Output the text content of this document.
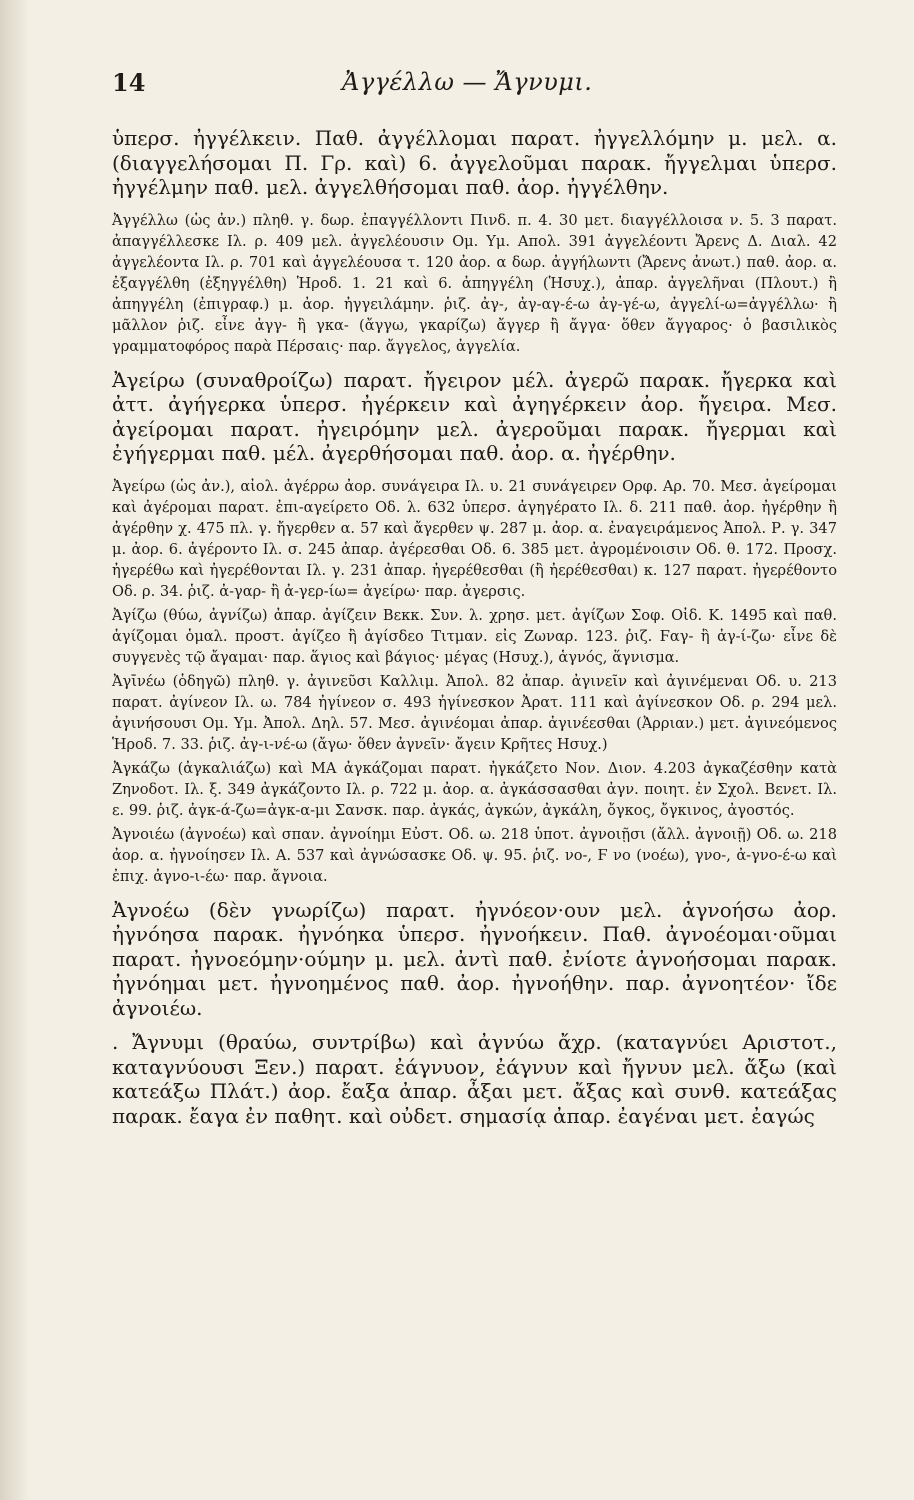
14	Ἀγγέλλω — Ἄγνυμι.

ὑπερσ. ἠγγέλκειν. Παθ. ἀγγέλλομαι παρατ. ἠγγελλόμην μ. μελ. α. (διαγγελήσομαι Π. Γρ. καὶ) 6. ἀγγελοῦμαι παρακ. ἤγγελμαι ὑπερσ. ἠγγέλμην παθ. μελ. ἀγγελθήσομαι παθ. ἀορ. ἠγγέλθην.

Ἀγγέλλω (ὡς ἀν.) πληθ. γ. δωρ. ἐπαγγέλλοντι Πινδ. π. 4. 30 μετ. διαγγέλλοισα ν. 5. 3 παρατ. ἀπαγγέλλεσκε Ιλ. ρ. 409 μελ. ἀγγελέουσιν Ομ. Υμ. Απολ. 391 ἀγγελέοντι Ἄρενς Δ. Διαλ. 42 ἀγγελέοντα Ιλ. ρ. 701 καὶ ἀγγελέουσα τ. 120 ἀορ. α δωρ. ἀγγήλωντι (Ἄρενς ἀνωτ.) παθ. ἀορ. α. ἐξαγγέλθη (ἐξηγγέλθη) Ἡροδ. 1. 21 καὶ 6. ἀπηγγέλη (Ἡσυχ.), ἀπαρ. ἀγγελῆναι (Πλουτ.) ἢ ἀπηγγέλη (ἐπιγραφ.) μ. ἀορ. ἠγγειλάμην. ῥιζ. ἀγ-, ἀγ-αγ-έ-ω ἀγ-γέ-ω, ἀγγελί-ω=ἀγγέλλω· ἢ μᾶλλον ῥιζ. εἶνε ἀγγ- ἢ γκα- (ἄγγω, γκαρίζω) ἄγγερ ἢ ἄγγα· ὅθεν ἄγγαρος· ὁ βασιλικὸς γραμματοφόρος παρὰ Πέρσαις· παρ. ἄγγελος, ἀγγελία.

Ἀγείρω (συναθροίζω) παρατ. ἤγειρον μέλ. ἀγερῶ παρακ. ἤγερκα καὶ ἀττ. ἀγήγερκα ὑπερσ. ἠγέρκειν καὶ ἀγηγέρκειν ἀορ. ἤγειρα. Μεσ. ἀγείρομαι παρατ. ἠγειρόμην μελ. ἀγεροῦμαι παρακ. ἤγερμαι καὶ ἐγήγερμαι παθ. μέλ. ἀγερθήσομαι παθ. ἀορ. α. ἠγέρθην.

Ἀγείρω (ὡς ἀν.), αἰολ. ἀγέρρω ἀορ. συνάγειρα Ιλ. υ. 21 συνάγειρεν Ορφ. Αρ. 70. Μεσ. ἀγείρομαι καὶ ἀγέρομαι παρατ. ἐπι-αγείρετο Οδ. λ. 632 ὑπερσ. ἀγηγέρατο Ιλ. δ. 211 παθ. ἀορ. ἠγέρθην ἢ ἀγέρθην χ. 475 πλ. γ. ἤγερθεν α. 57 καὶ ἄγερθεν ψ. 287 μ. ἀορ. α. ἐναγειράμενος Ἀπολ. Ρ. γ. 347 μ. ἀορ. 6. ἀγέροντο Ιλ. σ. 245 ἀπαρ. ἀγέρεσθαι Οδ. 6. 385 μετ. ἀγρομένοισιν Οδ. θ. 172. Προσχ. ἠγερέθω καὶ ἠγερέθονται Ιλ. γ. 231 ἀπαρ. ἠγερέθεσθαι (ἢ ἠερέθεσθαι) κ. 127 παρατ. ἠγερέθοντο Οδ. ρ. 34. ῥιζ. ἀ-γαρ- ἢ ἀ-γερ-ίω= ἀγείρω· παρ. ἀγερσις.

Ἀγίζω (θύω, ἀγνίζω) ἀπαρ. ἀγίζειν Βεκκ. Συν. λ. χρησ. μετ. ἀγίζων Σοφ. Οἰδ. Κ. 1495 καὶ παθ. ἁγίζομαι ὁμαλ. προστ. ἁγίζεο ἢ ἁγίσδεο Τιτμαν. εἰς Ζωναρ. 123. ῥιζ. Ϝαγ- ἢ ἀγ-ί-ζω· εἶνε δὲ συγγενὲς τῷ ἄγαμαι· παρ. ἅγιος καὶ βάγιος· μέγας (Ησυχ.), ἁγνός, ἅγνισμα.

Ἀγῑνέω (ὁδηγῶ) πληθ. γ. ἀγινεῦσι Καλλιμ. Ἀπολ. 82 ἀπαρ. ἀγινεῖν καὶ ἀγινέμεναι Οδ. υ. 213 παρατ. ἀγίνεον Ιλ. ω. 784 ἠγίνεον σ. 493 ἠγίνεσκον Ἀρατ. 111 καὶ ἀγίνεσκον Οδ. ρ. 294 μελ. ἀγινήσουσι Ομ. Υμ. Ἀπολ. Δηλ. 57. Μεσ. ἀγινέομαι ἀπαρ. ἀγινέεσθαι (Ἀρριαν.) μετ. ἀγινεόμενος Ἡροδ. 7. 33. ῥιζ. ἀγ-ι-νέ-ω (ἄγω· ὅθεν ἀγνεῖν· ἄγειν Κρῆτες Ησυχ.)

Ἀγκάζω (ἀγκαλιάζω) καὶ ΜΑ ἀγκάζομαι παρατ. ἠγκάζετο Νον. Διον. 4.203 ἀγκαζέσθην κατὰ Ζηνοδοτ. Ιλ. ξ. 349 ἀγκάζοντο Ιλ. ρ. 722 μ. ἀορ. α. ἀγκάσσασθαι ἀγν. ποιητ. ἐν Σχολ. Βενετ. Ιλ. ε. 99. ῥιζ. ἀγκ-ά-ζω=ἀγκ-α-μι Σανσκ. παρ. ἀγκάς, ἀγκών, ἀγκάλη, ὄγκος, ὄγκινος, ἀγοστός.

Ἀγνοιέω (ἀγνοέω) καὶ σπαν. ἀγνοίημι Εὐστ. Οδ. ω. 218 ὑποτ. ἀγνοιῇσι (ἄλλ. ἀγνοιῇ) Οδ. ω. 218 ἀορ. α. ἠγνοίησεν Ιλ. Α. 537 καὶ ἀγνώσασκε Οδ. ψ. 95. ῥιζ. νο-, Ϝ νο (νοέω), γνο-, ἀ-γνο-έ-ω καὶ ἐπιχ. ἀγνο-ι-έω· παρ. ἄγνοια.

Ἀγνοέω (δὲν γνωρίζω) παρατ. ἠγνόεον·ουν μελ. ἀγνοήσω ἀορ. ἠγνόησα παρακ. ἠγνόηκα ὑπερσ. ἠγνοήκειν. Παθ. ἀγνοέομαι·οῦμαι παρατ. ἠγνοεόμην·ούμην μ. μελ. ἀντὶ παθ. ἐνίοτε ἀγνοήσομαι παρακ. ἠγνόημαι μετ. ἠγνοημένος παθ. ἀορ. ἠγνοήθην. παρ. ἀγνοητέον· ἴδε ἀγνοιέω.

. Ἄγνυμι (θραύω, συντρίβω) καὶ ἀγνύω ἄχρ. (καταγνύει Αριστοτ., καταγνύουσι Ξεν.) παρατ. ἐάγνυον, ἐάγνυν καὶ ἤγνυν μελ. ἄξω (καὶ κατεάξω Πλάτ.) ἀορ. ἔαξα ἀπαρ. ἆξαι μετ. ἄξας καὶ συνθ. κατεάξας παρακ. ἔαγα ἐν παθητ. καὶ οὐδετ. σημασίᾳ ἀπαρ. ἐαγέναι μετ. ἐαγώς
